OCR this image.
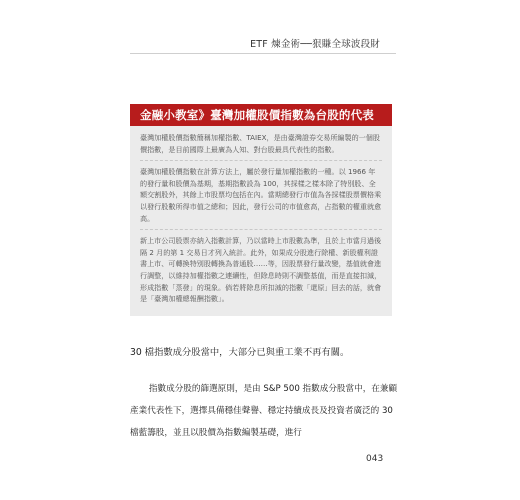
ETF 煉金術──狠賺全球波段財
金融小教室》臺灣加權股價指數為台股的代表

臺灣加權股價指數簡稱加權指數、TAIEX，是由臺灣證券交易所編製的一個股價指數，是目前國際上最廣為人知、對台股最具代表性的指數。

臺灣加權股價指數在計算方法上，屬於發行量加權指數的一種。以 1966 年的發行量和股價為基期，基期指數設為 100，其採樣之樣本除了特別股、全額交割股外，其餘上市股票均包括在內。當期總發行市值為各採樣股票價格乘以發行股數所得市值之總和；因此，發行公司的市值愈高，占指數的權重就愈高。

新上市公司股票亦納入指數計算，乃以當時上市股數為準，且於上市當月過後隔 2 月的第 1 交易日才列入統計。此外，如果成分股進行除權、新股權利證書上市、可轉換特別股轉換為普通股……等，因股票發行量改變，基值就會進行調整，以維持加權指數之連續性，但除息時則不調整基值，而是直接扣減，形成指數「蒸發」的現象。倘若將除息所扣減的指數「還原」回去的話，就會是「臺灣加權總報酬指數」。

30 檔指數成分股當中，大部分已與重工業不再有關。

指數成分股的篩選原則，是由 S&P 500 指數成分股當中，在兼顧產業代表性下，選擇具備穩佳聲譽、穩定持續成長及投資者廣泛的 30 檔藍籌股，並且以股價為指數編製基礎，進行

043
